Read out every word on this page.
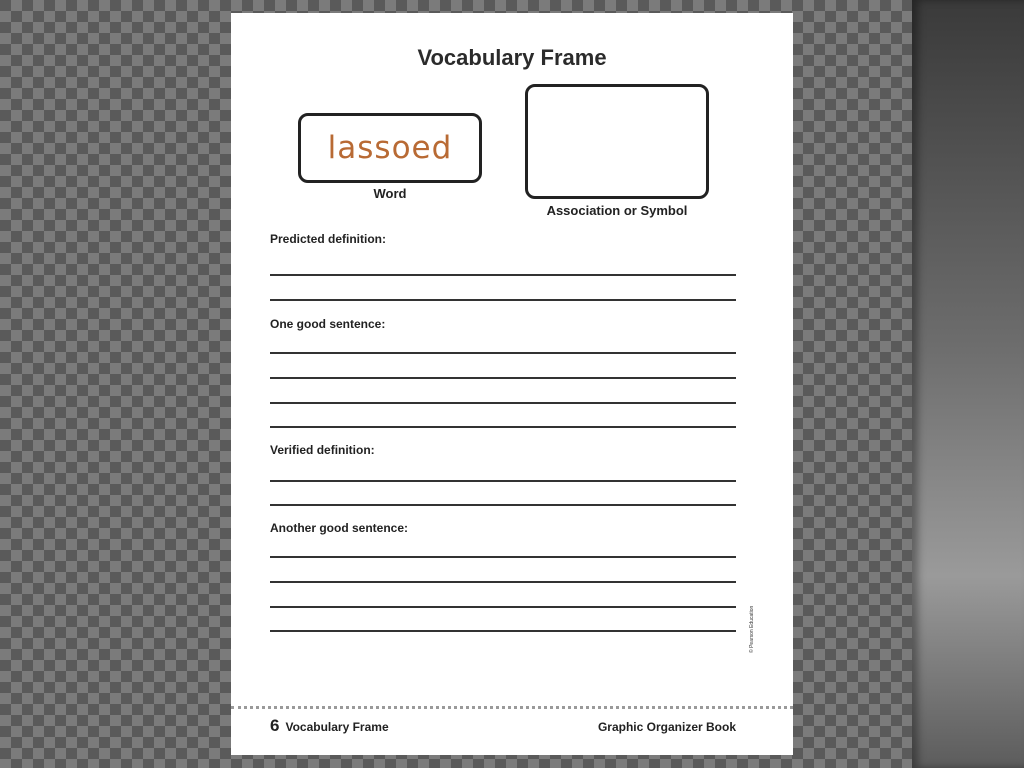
Vocabulary Frame
lassoed
Word
Association or Symbol
Predicted definition:
One good sentence:
Verified definition:
Another good sentence:
© Pearson Education
6 Vocabulary Frame	Graphic Organizer Book
